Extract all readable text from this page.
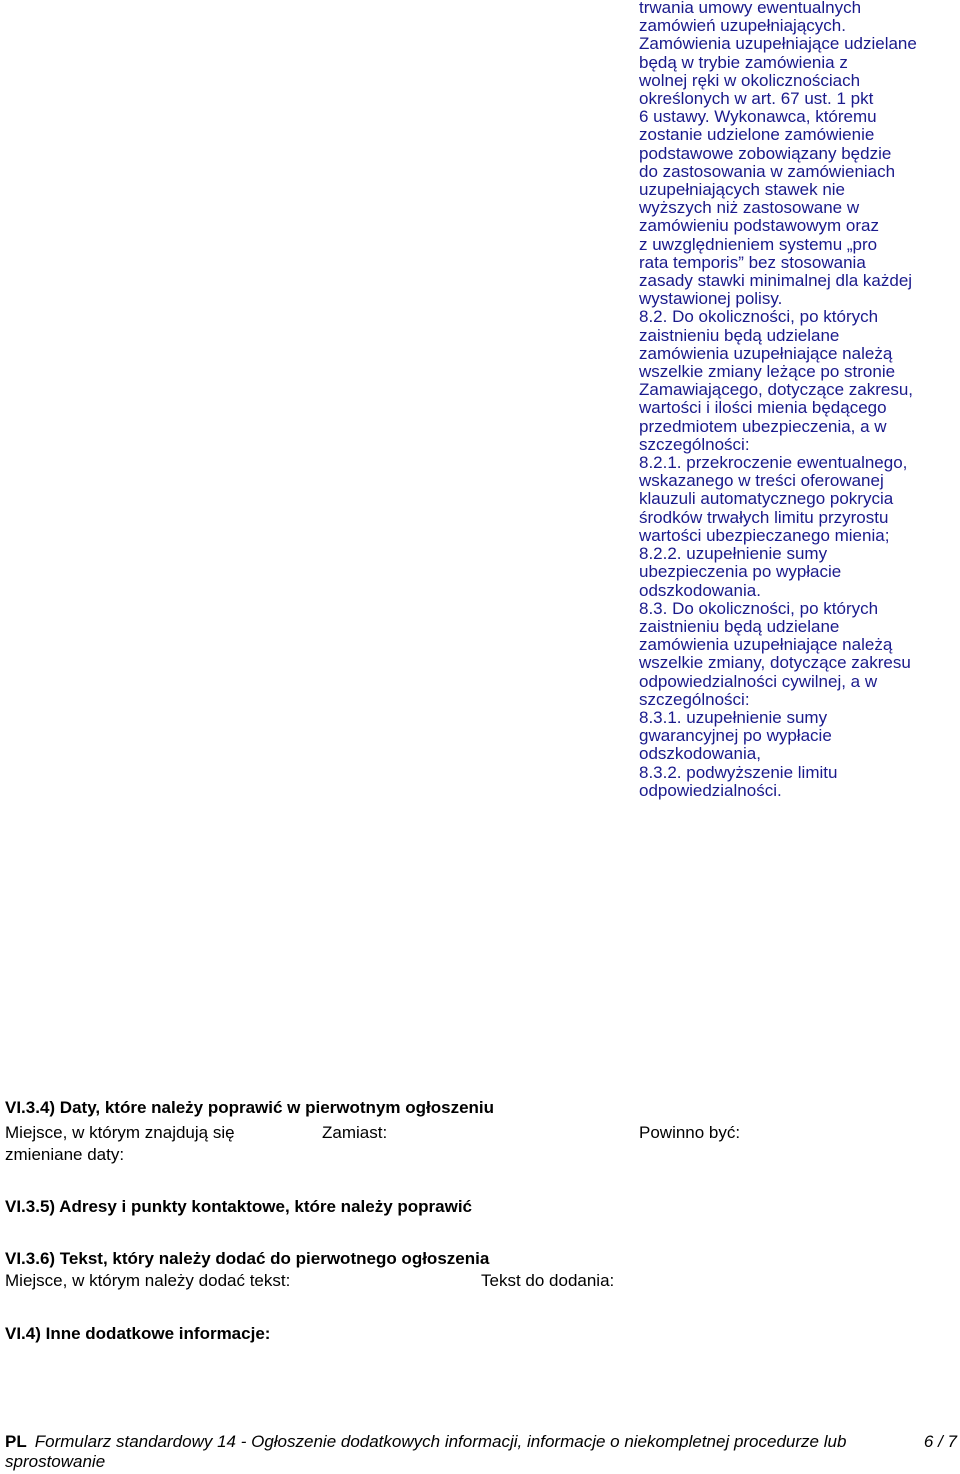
trwania umowy ewentualnych
zamówień uzupełniających.
Zamówienia uzupełniające udzielane
będą w trybie zamówienia z
wolnej ręki w okolicznościach
określonych w art. 67 ust. 1 pkt
6 ustawy. Wykonawca, któremu
zostanie udzielone zamówienie
podstawowe zobowiązany będzie
do zastosowania w zamówieniach
uzupełniających stawek nie
wyższych niż zastosowane w
zamówieniu podstawowym oraz
z uwzględnieniem systemu „pro
rata temporis” bez stosowania
zasady stawki minimalnej dla każdej
wystawionej polisy.
8.2. Do okoliczności, po których
zaistnieniu będą udzielane
zamówienia uzupełniające należą
wszelkie zmiany leżące po stronie
Zamawiającego, dotyczące zakresu,
wartości i ilości mienia będącego
przedmiotem ubezpieczenia, a w
szczególności:
8.2.1. przekroczenie ewentualnego,
wskazanego w treści oferowanej
klauzuli automatycznego pokrycia
środków trwałych limitu przyrostu
wartości ubezpieczanego mienia;
8.2.2. uzupełnienie sumy
ubezpieczenia po wypłacie
odszkodowania.
8.3. Do okoliczności, po których
zaistnieniu będą udzielane
zamówienia uzupełniające należą
wszelkie zmiany, dotyczące zakresu
odpowiedzialności cywilnej, a w
szczególności:
8.3.1. uzupełnienie sumy
gwarancyjnej po wypłacie
odszkodowania,
8.3.2. podwyższenie limitu
odpowiedzialności.
VI.3.4) Daty, które należy poprawić w pierwotnym ogłoszeniu
Miejsce, w którym znajdują się
zmieniane daty:
Zamiast:	Powinno być:
VI.3.5) Adresy i punkty kontaktowe, które należy poprawić
VI.3.6) Tekst, który należy dodać do pierwotnego ogłoszenia
Miejsce, w którym należy dodać tekst:	Tekst do dodania:
VI.4) Inne dodatkowe informacje:
PL Formularz standardowy 14 - Ogłoszenie dodatkowych informacji, informacje o niekompletnej procedurze lub	6 / 7
sprostowanie
